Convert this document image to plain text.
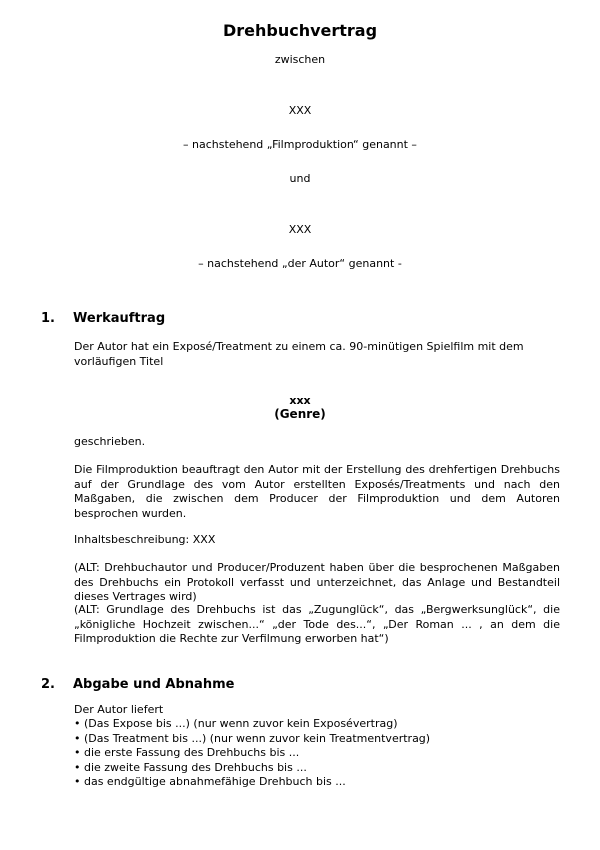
Drehbuchvertrag
zwischen
XXX
– nachstehend „Filmproduktion“ genannt –
und
XXX
– nachstehend „der Autor“ genannt -
1. Werkauftrag
Der Autor hat ein Exposé/Treatment zu einem ca. 90-minütigen Spielfilm mit dem vorläufigen Titel
xxx
(Genre)
geschrieben.
Die Filmproduktion beauftragt den Autor mit der Erstellung des drehfertigen Drehbuchs auf der Grundlage des vom Autor erstellten Exposés/Treatments und nach den Maßgaben, die zwischen dem Producer der Filmproduktion und dem Autoren besprochen wurden.
Inhaltsbeschreibung: XXX
(ALT: Drehbuchautor und Producer/Produzent haben über die besprochenen Maßgaben des Drehbuchs ein Protokoll verfasst und unterzeichnet, das Anlage und Bestandteil dieses Vertrages wird)
(ALT: Grundlage des Drehbuchs ist das „Zugunglück“, das „Bergwerksunglück“, die „königliche Hochzeit zwischen...“ „der Tode des...“, „Der Roman ... , an dem die Filmproduktion die Rechte zur Verfilmung erworben hat“)
2. Abgabe und Abnahme
Der Autor liefert
• (Das Expose bis ...) (nur wenn zuvor kein Exposévertrag)
• (Das Treatment bis ...) (nur wenn zuvor kein Treatmentvertrag)
• die erste Fassung des Drehbuchs bis ...
• die zweite Fassung des Drehbuchs bis ...
• das endgültige abnahmefähige Drehbuch bis ...
